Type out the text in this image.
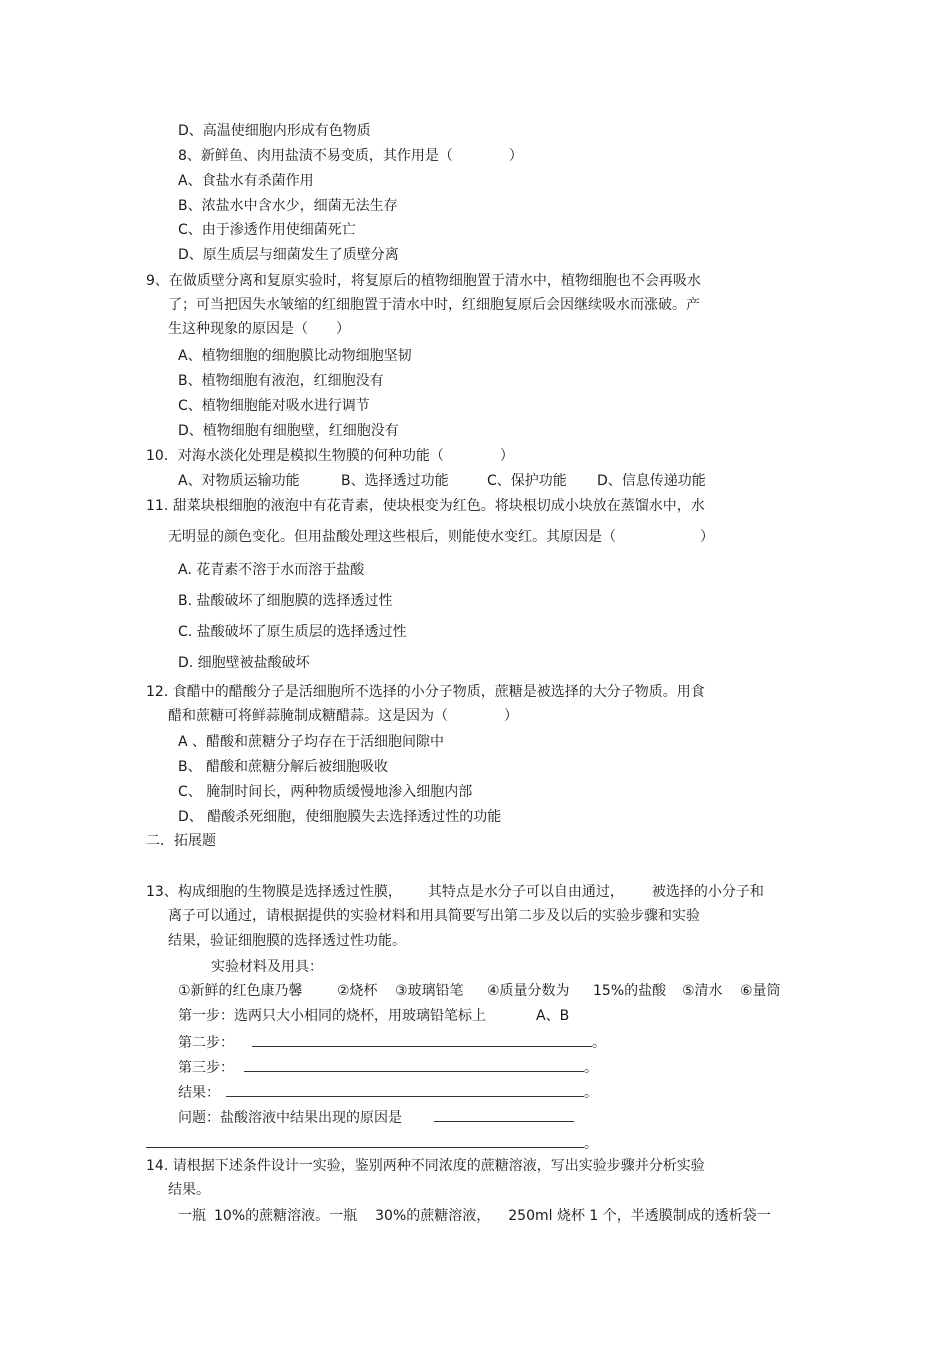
D、高温使细胞内形成有色物质
8、新鲜鱼、肉用盐渍不易变质，其作用是（　　　　）
A、食盐水有杀菌作用
B、浓盐水中含水少，细菌无法生存
C、由于渗透作用使细菌死亡
D、原生质层与细菌发生了质壁分离
9、在做质壁分离和复原实验时，将复原后的植物细胞置于清水中，植物细胞也不会再吸水
了；可当把因失水皱缩的红细胞置于清水中时，红细胞复原后会因继续吸水而涨破。产
生这种现象的原因是（　　）
A、植物细胞的细胞膜比动物细胞坚韧
B、植物细胞有液泡，红细胞没有
C、植物细胞能对吸水进行调节
D、植物细胞有细胞壁，红细胞没有
10．对海水淡化处理是模拟生物膜的何种功能（　　　　）
A、对物质运输功能	B、选择透过功能	C、保护功能 D、信息传递功能
11. 甜菜块根细胞的液泡中有花青素，使块根变为红色。将块根切成小块放在蒸馏水中，水
无明显的颜色变化。但用盐酸处理这些根后，则能使水变红。其原因是（　　　　　　）
A. 花青素不溶于水而溶于盐酸
B. 盐酸破坏了细胞膜的选择透过性
C. 盐酸破坏了原生质层的选择透过性
D. 细胞壁被盐酸破坏
12. 食醋中的醋酸分子是活细胞所不选择的小分子物质，蔗糖是被选择的大分子物质。用食
醋和蔗糖可将鲜蒜腌制成糖醋蒜。这是因为（　　　　）
A 、醋酸和蔗糖分子均存在于活细胞间隙中
B、 醋酸和蔗糖分解后被细胞吸收
C、 腌制时间长，两种物质缓慢地渗入细胞内部
D、 醋酸杀死细胞，使细胞膜失去选择透过性的功能
二．拓展题
13、构成细胞的生物膜是选择透过性膜， 其特点是水分子可以自由通过， 被选择的小分子和
离子可以通过，请根据提供的实验材料和用具简要写出第二步及以后的实验步骤和实验
结果，验证细胞膜的选择透过性功能。
实验材料及用具：
①新鲜的红色康乃馨 ②烧杯 ③玻璃铅笔 ④质量分数为 15%的盐酸 ⑤清水 ⑥量筒
第一步：选两只大小相同的烧杯，用玻璃铅笔标上	A、B
第二步：	。
第三步：	。
结果：	。
问题：盐酸溶液中结果出现的原因是
。
14. 请根据下述条件设计一实验，鉴别两种不同浓度的蔗糖溶液，写出实验步骤并分析实验
结果。
一瓶 10%的蔗糖溶液。一瓶 30%的蔗糖溶液， 250ml 烧杯 1 个，半透膜制成的透析袋一
